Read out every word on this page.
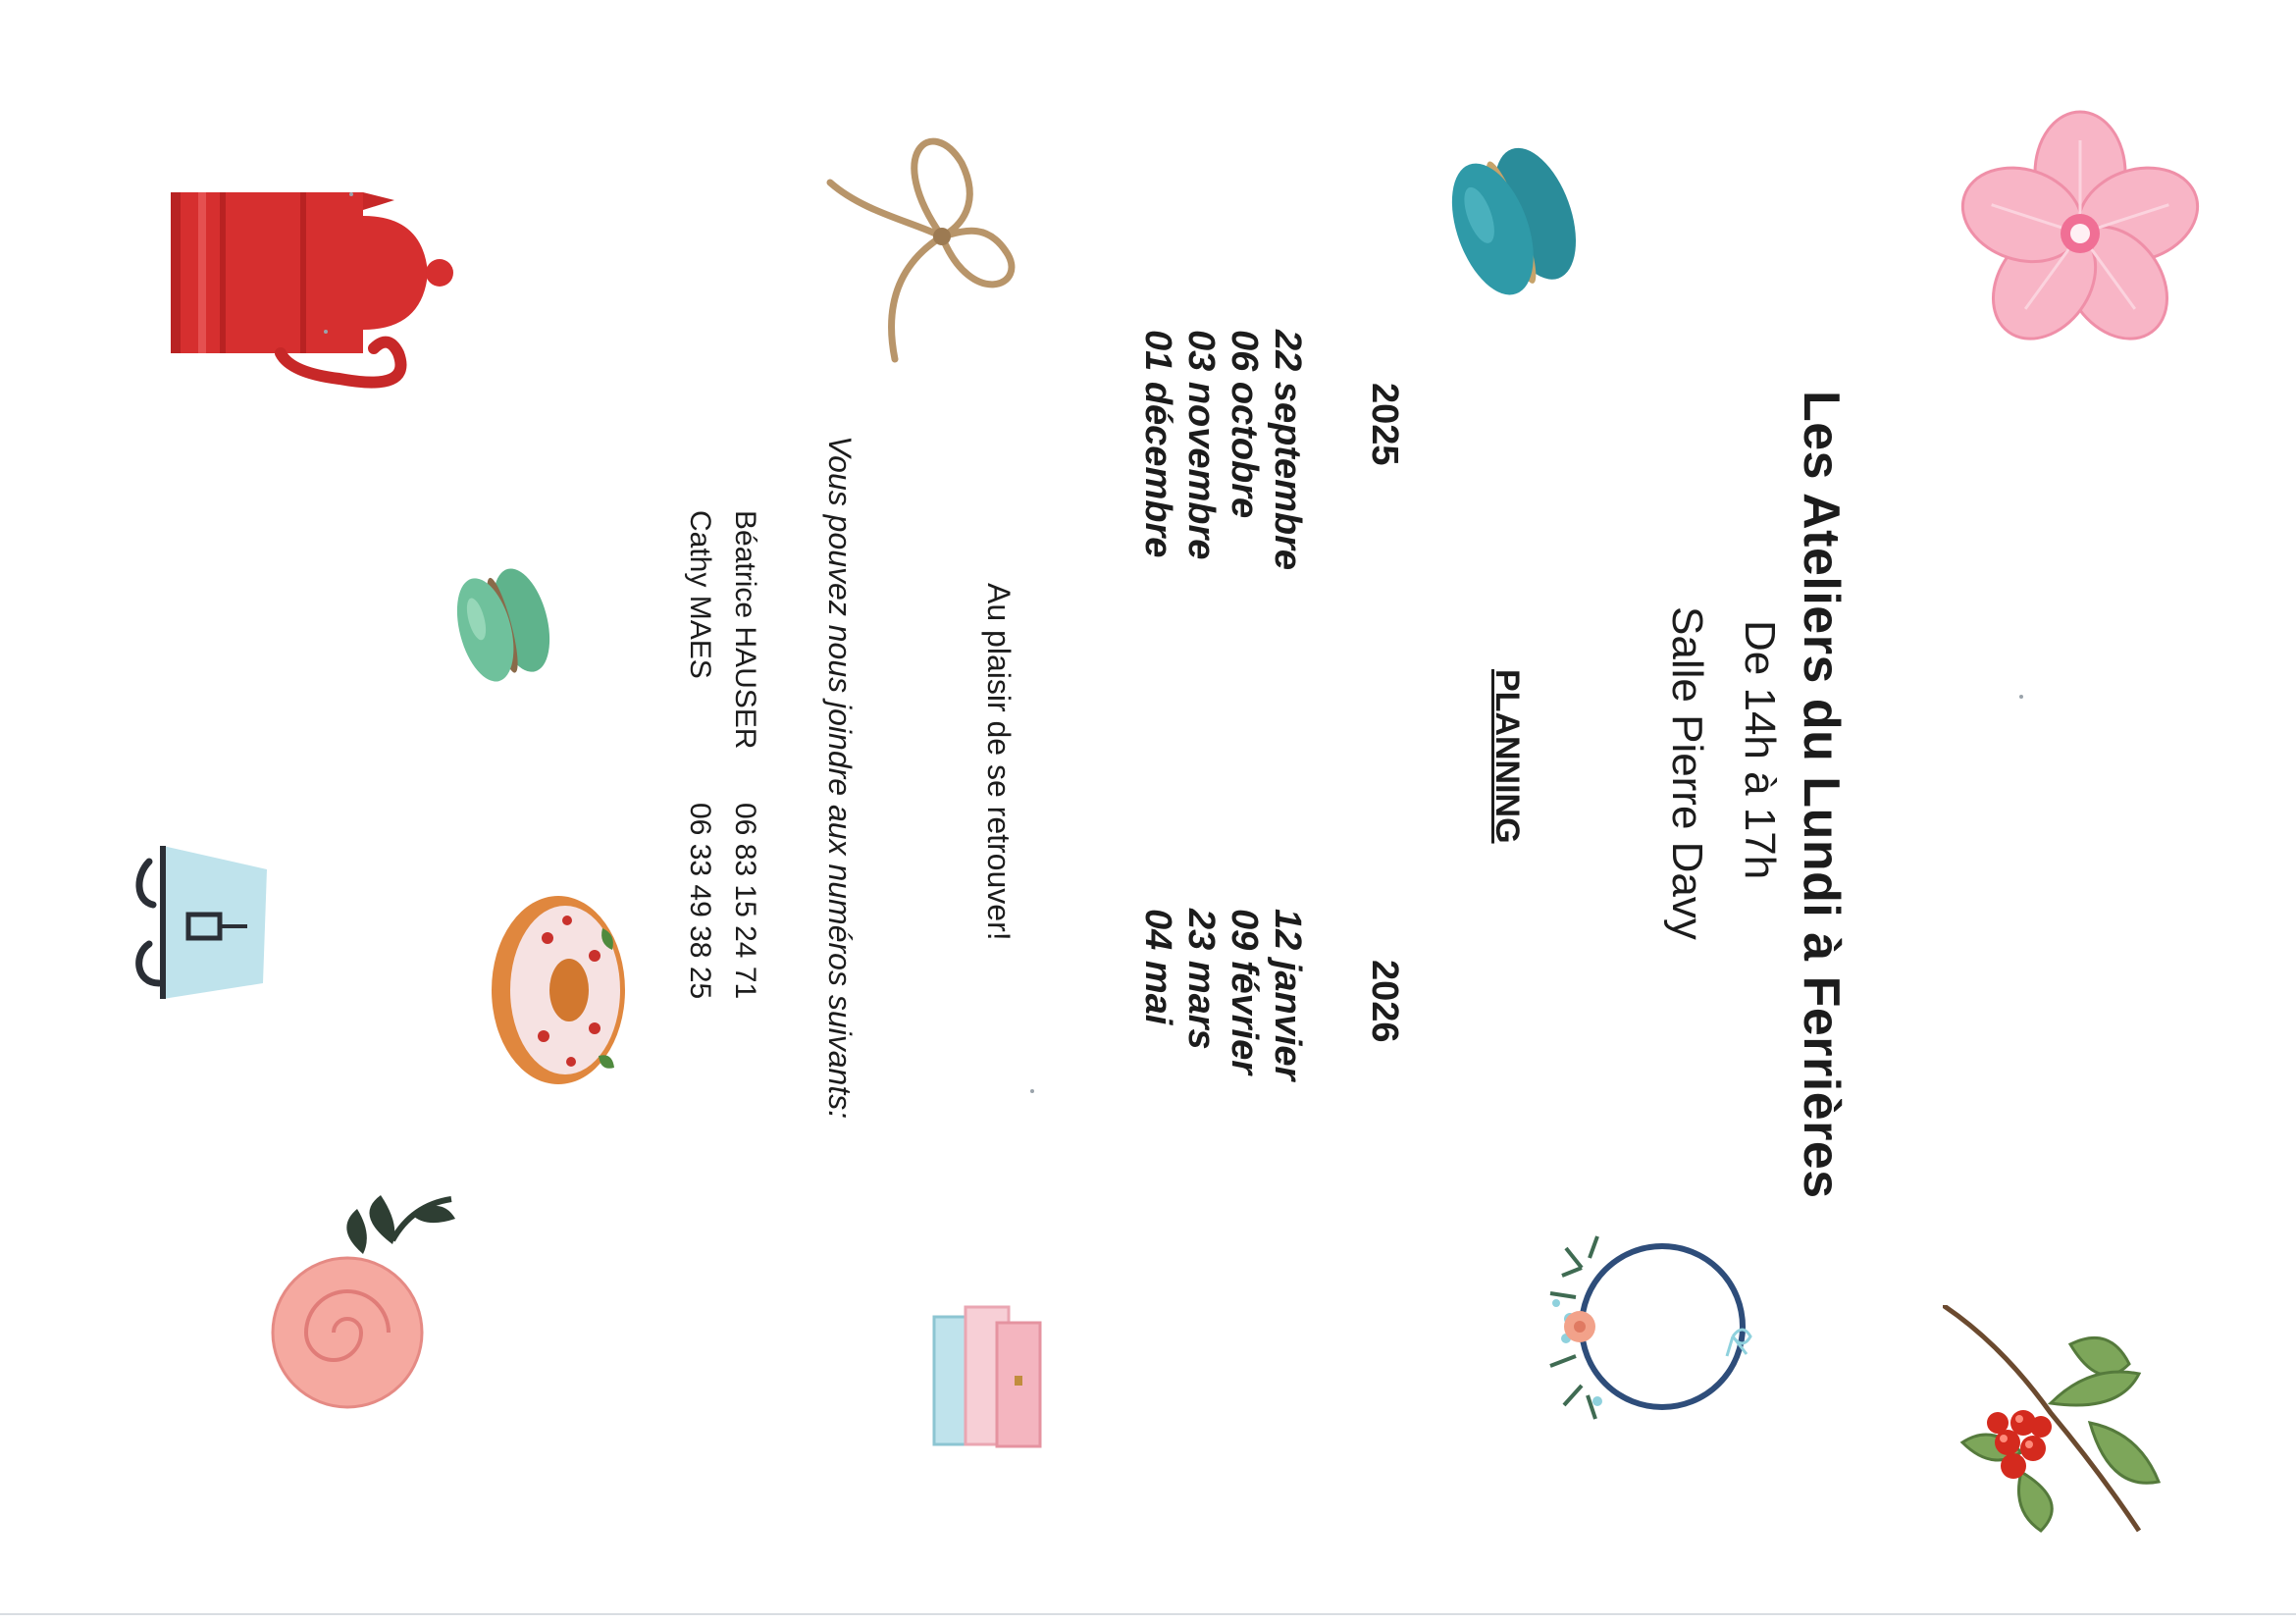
Les Ateliers du Lundi à Ferrières
De 14h à 17h
Salle Pierre Davy
PLANNING
2025
22 septembre
06 octobre
03 novembre
01 décembre
2026
12 janvier
09 février
23 mars
04 mai
Au plaisir de se retrouver!
Vous pouvez nous joindre aux numéros suivants:
Béatrice HAUSER
06 83 15 24 71
Cathy MAES
06 33 49 38 25
